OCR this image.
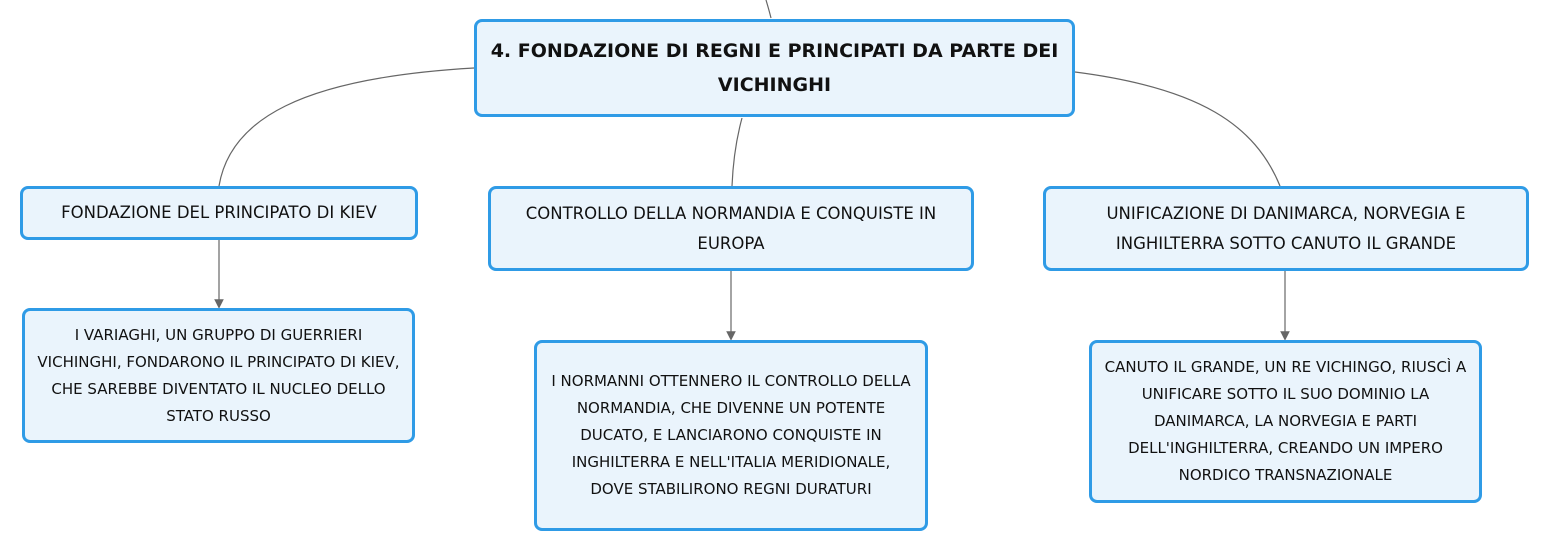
4. FONDAZIONE DI REGNI E PRINCIPATI DA PARTE DEI VICHINGHI
FONDAZIONE DEL PRINCIPATO DI KIEV
I VARIAGHI, UN GRUPPO DI GUERRIERI VICHINGHI, FONDARONO IL PRINCIPATO DI KIEV, CHE SAREBBE DIVENTATO IL NUCLEO DELLO STATO RUSSO
CONTROLLO DELLA NORMANDIA E CONQUISTE IN EUROPA
I NORMANNI OTTENNERO IL CONTROLLO DELLA NORMANDIA, CHE DIVENNE UN POTENTE DUCATO, E LANCIARONO CONQUISTE IN INGHILTERRA E NELL'ITALIA MERIDIONALE, DOVE STABILIRONO REGNI DURATURI
UNIFICAZIONE DI DANIMARCA, NORVEGIA E INGHILTERRA SOTTO CANUTO IL GRANDE
CANUTO IL GRANDE, UN RE VICHINGO, RIUSCÌ A UNIFICARE SOTTO IL SUO DOMINIO LA DANIMARCA, LA NORVEGIA E PARTI DELL'INGHILTERRA, CREANDO UN IMPERO NORDICO TRANSNAZIONALE
